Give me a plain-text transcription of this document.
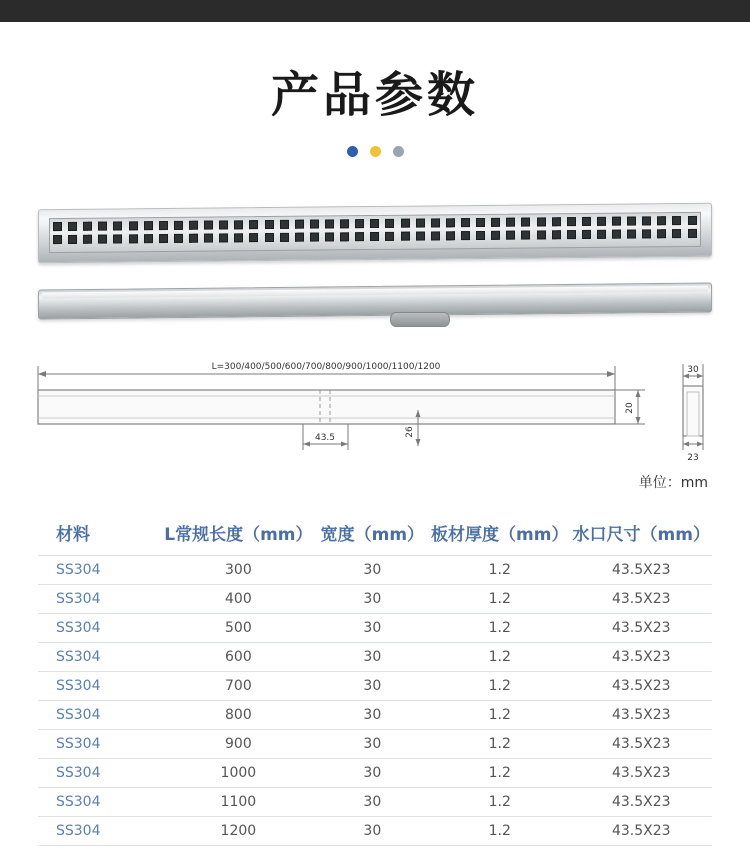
产品参数
L=300/400/500/600/700/800/900/1000/1100/1200
43.5
26
20
30
23
单位：mm
材料	L常规长度（mm）	宽度（mm）	板材厚度（mm）	水口尺寸（mm）
SS304	300	30	1.2	43.5X23
SS304	400	30	1.2	43.5X23
SS304	500	30	1.2	43.5X23
SS304	600	30	1.2	43.5X23
SS304	700	30	1.2	43.5X23
SS304	800	30	1.2	43.5X23
SS304	900	30	1.2	43.5X23
SS304	1000	30	1.2	43.5X23
SS304	1100	30	1.2	43.5X23
SS304	1200	30	1.2	43.5X23
